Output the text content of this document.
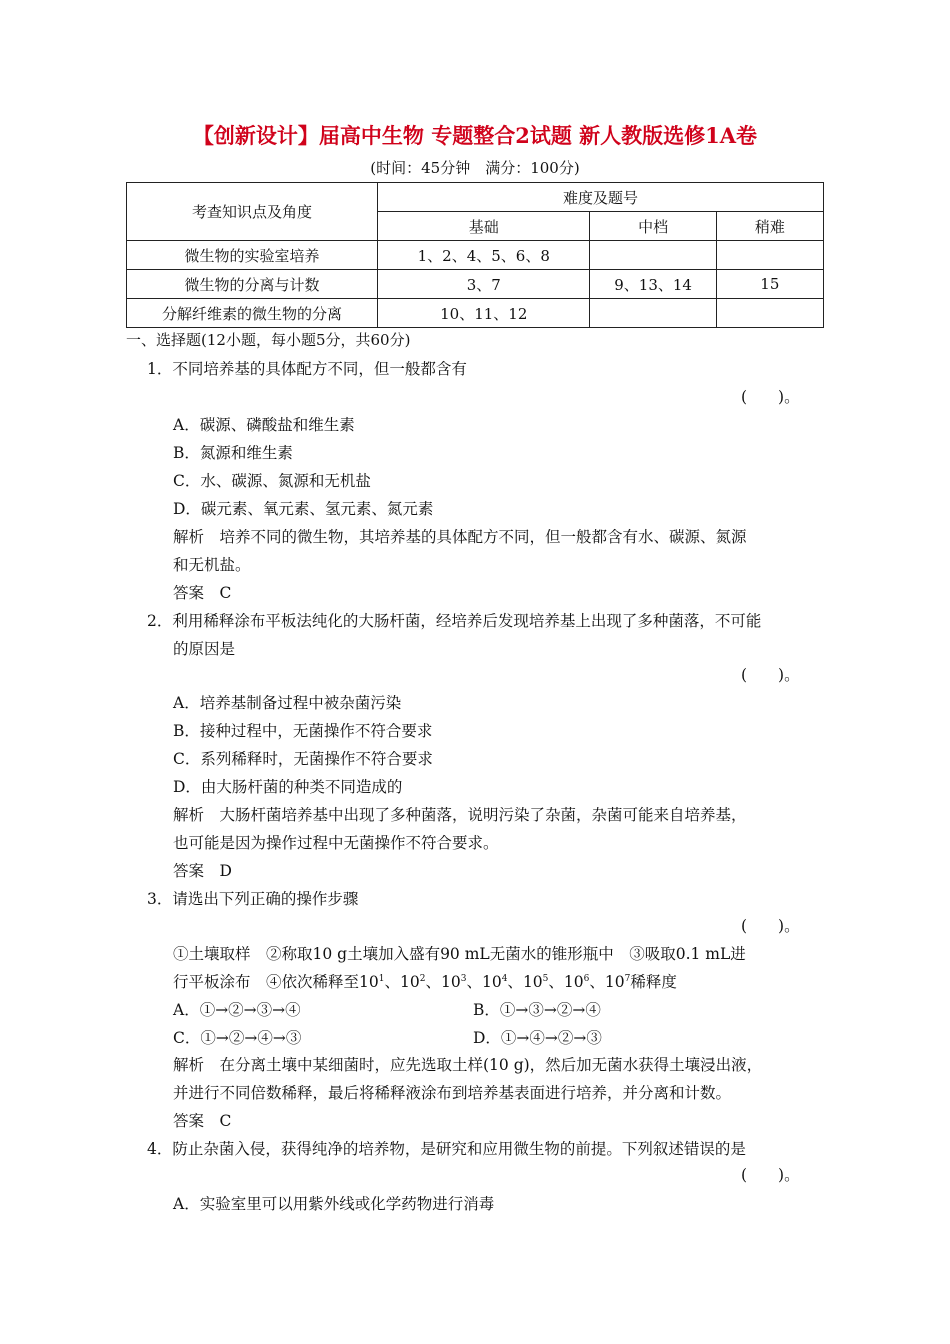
【创新设计】届高中生物 专题整合2试题 新人教版选修1A卷
(时间：45分钟　满分：100分)
考查知识点及角度	难度及题号		
	基础	中档	稍难
微生物的实验室培养	1、2、4、5、6、8		
微生物的分离与计数	3、7	9、13、14	15
分解纤维素的微生物的分离	10、11、12		
一、选择题(12小题，每小题5分，共60分)
1．不同培养基的具体配方不同，但一般都含有
(　　)。
A．碳源、磷酸盐和维生素
B．氮源和维生素
C．水、碳源、氮源和无机盐
D．碳元素、氧元素、氢元素、氮元素
解析　培养不同的微生物，其培养基的具体配方不同，但一般都含有水、碳源、氮源
和无机盐。
答案　C
2．利用稀释涂布平板法纯化的大肠杆菌，经培养后发现培养基上出现了多种菌落，不可能
的原因是
(　　)。
A．培养基制备过程中被杂菌污染
B．接种过程中，无菌操作不符合要求
C．系列稀释时，无菌操作不符合要求
D．由大肠杆菌的种类不同造成的
解析　大肠杆菌培养基中出现了多种菌落，说明污染了杂菌，杂菌可能来自培养基，
也可能是因为操作过程中无菌操作不符合要求。
答案　D
3．请选出下列正确的操作步骤
(　　)。
①土壤取样　②称取10 g土壤加入盛有90 mL无菌水的锥形瓶中　③吸取0.1 mL进
行平板涂布　④依次稀释至$10^1$、$10^2$、$10^3$、$10^4$、$10^5$、$10^6$、$10^7$稀释度
A．①→②→③→④	B．①→③→②→④
C．①→②→④→③	D．①→④→②→③
解析　在分离土壤中某细菌时，应先选取土样(10 g)，然后加无菌水获得土壤浸出液，
并进行不同倍数稀释，最后将稀释液涂布到培养基表面进行培养，并分离和计数。
答案　C
4．防止杂菌入侵，获得纯净的培养物，是研究和应用微生物的前提。下列叙述错误的是
(　　)。
A．实验室里可以用紫外线或化学药物进行消毒
